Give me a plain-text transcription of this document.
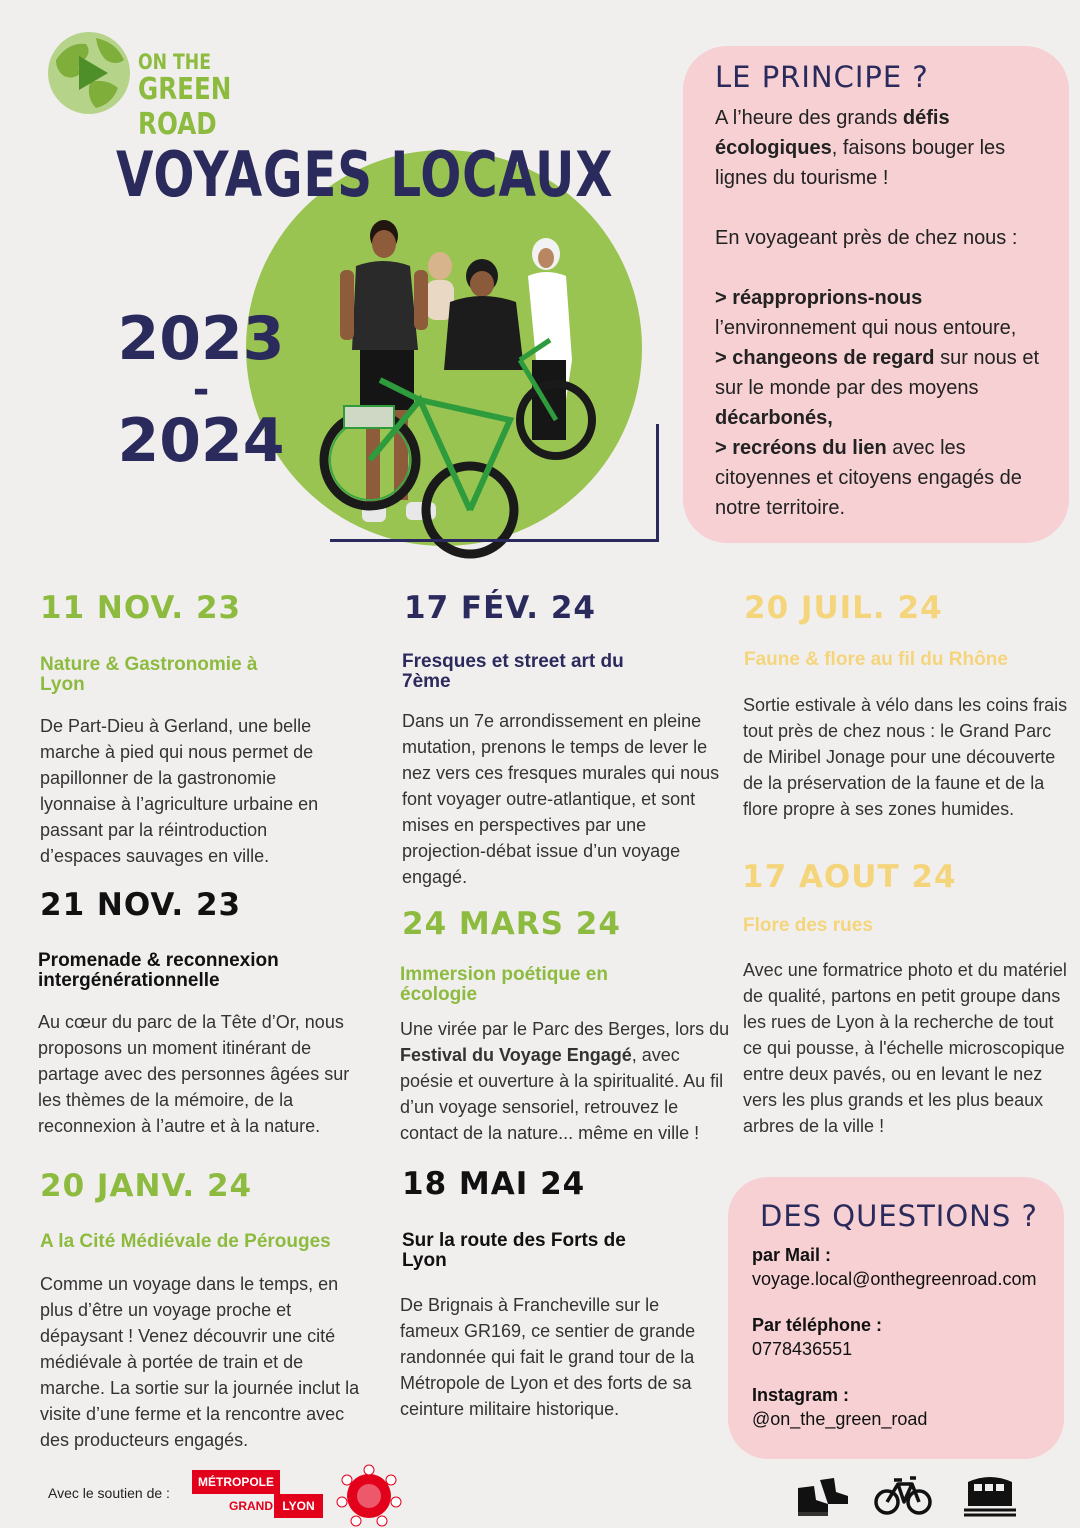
ON THE
GREEN ROAD
VOYAGES LOCAUX
2023
-
2024
LE PRINCIPE ?

A l’heure des grands défis écologiques, faisons bouger les lignes du tourisme !

En voyageant près de chez nous :

> réapproprions-nous l’environnement qui nous entoure,

> changeons de regard sur nous et sur le monde par des moyens décarbonés,

> recréons du lien avec les citoyennes et citoyens engagés de notre territoire.

11 NOV. 23
Nature & Gastronomie à Lyon
De Part-Dieu à Gerland, une belle marche à pied qui nous permet de papillonner de la gastronomie lyonnaise à l’agriculture urbaine en passant par la réintroduction d’espaces sauvages en ville.
21 NOV. 23
Promenade & reconnexion intergénérationnelle
Au cœur du parc de la Tête d’Or, nous proposons un moment itinérant de partage avec des personnes âgées sur les thèmes de la mémoire, de la reconnexion à l’autre et à la nature.
20 JANV. 24
A la Cité Médiévale de Pérouges
Comme un voyage dans le temps, en plus d’être un voyage proche et dépaysant ! Venez découvrir une cité médiévale à portée de train et de marche. La sortie sur la journée inclut la visite d’une ferme et la rencontre avec des producteurs engagés.
17 FÉV. 24
Fresques et street art du 7ème
Dans un 7e arrondissement en pleine mutation, prenons le temps de lever le nez vers ces fresques murales qui nous font voyager outre-atlantique, et sont mises en perspectives par une projection-débat issue d’un voyage engagé.
24 MARS 24
Immersion poétique en écologie
Une virée par le Parc des Berges, lors du Festival du Voyage Engagé, avec poésie et ouverture à la spiritualité. Au fil d’un voyage sensoriel, retrouvez le contact de la nature... même en ville !
18 MAI 24
Sur la route des Forts de Lyon
De Brignais à Francheville sur le fameux GR169, ce sentier de grande randonnée qui fait le grand tour de la Métropole de Lyon et des forts de sa ceinture militaire historique.
20 JUIL. 24
Faune & flore au fil du Rhône
Sortie estivale à vélo dans les coins frais tout près de chez nous : le Grand Parc de Miribel Jonage pour une découverte de la préservation de la faune et de la flore propre à ses zones humides.
17 AOUT 24
Flore des rues
Avec une formatrice photo et du matériel de qualité, partons en petit groupe dans les rues de Lyon à la recherche de tout ce qui pousse, à l'échelle microscopique entre deux pavés, ou en levant le nez vers les plus grands et les plus beaux arbres de la ville !
DES QUESTIONS ?
par Mail :
voyage.local@onthegreenroad.com
Par téléphone :
0778436551
Instagram :
@on_the_green_road
Avec le soutien de :
MÉTROPOLE
GRAND LYON
